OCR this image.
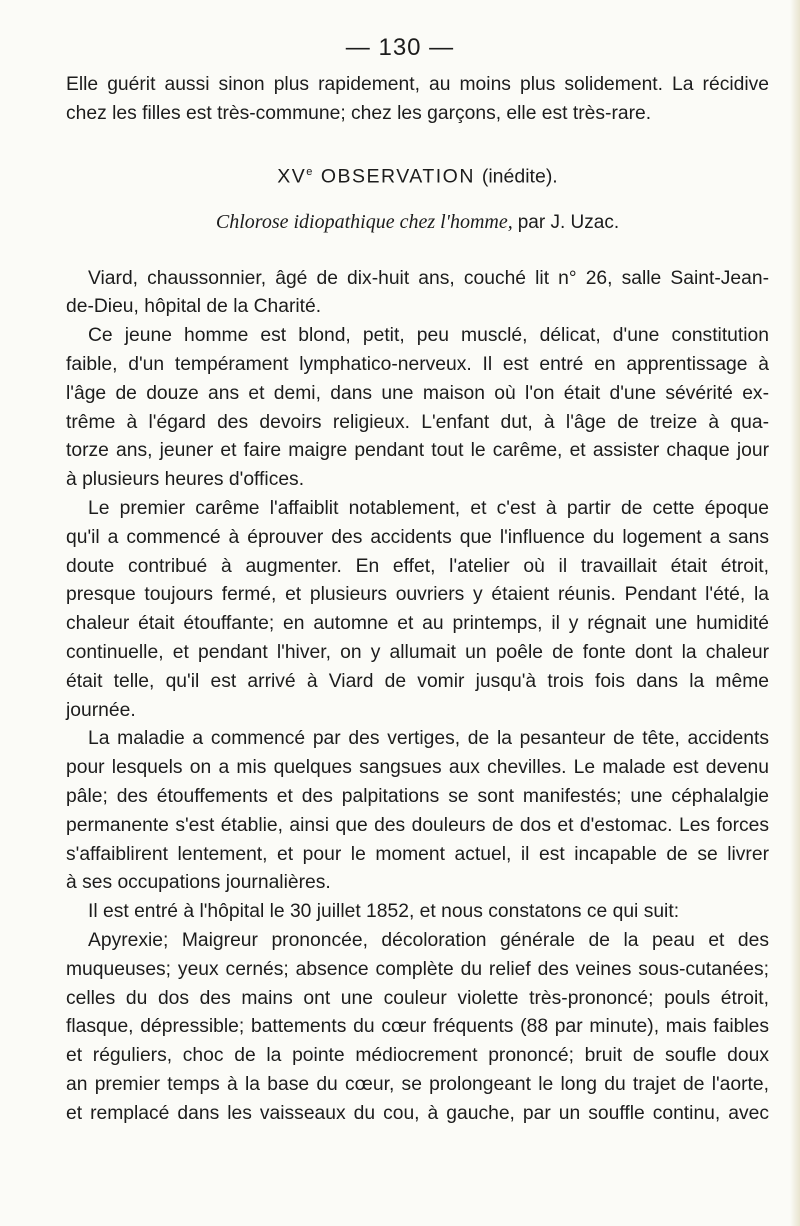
— 130 —

Elle guérit aussi sinon plus rapidement, au moins plus solidement. La récidive

chez les filles est très-commune; chez les garçons, elle est très-rare.

XVe OBSERVATION (inédite).
Chlorose idiopathique chez l'homme, par J. Uzac.

Viard, chaussonnier, âgé de dix-huit ans, couché lit n° 26, salle Saint-Jean-

de-Dieu, hôpital de la Charité.

Ce jeune homme est blond, petit, peu musclé, délicat, d'une constitution

faible, d'un tempérament lymphatico-nerveux. Il est entré en apprentissage à

l'âge de douze ans et demi, dans une maison où l'on était d'une sévérité ex-

trême à l'égard des devoirs religieux. L'enfant dut, à l'âge de treize à qua-

torze ans, jeuner et faire maigre pendant tout le carême, et assister chaque jour

à plusieurs heures d'offices.

Le premier carême l'affaiblit notablement, et c'est à partir de cette époque

qu'il a commencé à éprouver des accidents que l'influence du logement a sans

doute contribué à augmenter. En effet, l'atelier où il travaillait était étroit,

presque toujours fermé, et plusieurs ouvriers y étaient réunis. Pendant l'été, la

chaleur était étouffante; en automne et au printemps, il y régnait une humidité

continuelle, et pendant l'hiver, on y allumait un poêle de fonte dont la chaleur

était telle, qu'il est arrivé à Viard de vomir jusqu'à trois fois dans la même

journée.

La maladie a commencé par des vertiges, de la pesanteur de tête, accidents

pour lesquels on a mis quelques sangsues aux chevilles. Le malade est devenu

pâle; des étouffements et des palpitations se sont manifestés; une céphalalgie

permanente s'est établie, ainsi que des douleurs de dos et d'estomac. Les forces

s'affaiblirent lentement, et pour le moment actuel, il est incapable de se livrer

à ses occupations journalières.

Il est entré à l'hôpital le 30 juillet 1852, et nous constatons ce qui suit:

Apyrexie; Maigreur prononcée, décoloration générale de la peau et des

muqueuses; yeux cernés; absence complète du relief des veines sous-cutanées;

celles du dos des mains ont une couleur violette très-prononcé; pouls étroit,

flasque, dépressible; battements du cœur fréquents (88 par minute), mais faibles

et réguliers, choc de la pointe médiocrement prononcé; bruit de soufle doux

an premier temps à la base du cœur, se prolongeant le long du trajet de l'aorte,

et remplacé dans les vaisseaux du cou, à gauche, par un souffle continu, avec
